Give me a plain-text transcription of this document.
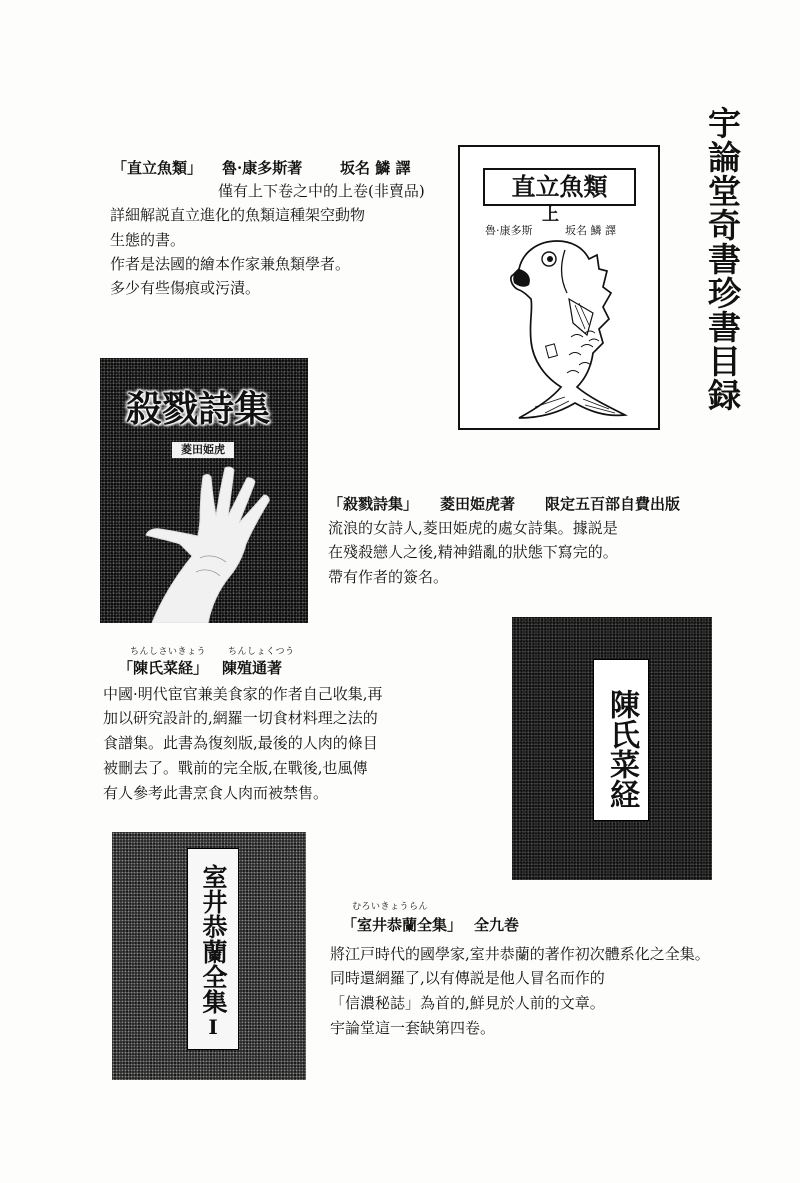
宇論堂奇書珍書目録
直立魚類
上
魯·康多斯	坂名 鱗 譯
「直立魚類」 魯·康多斯著	坂名 鱗 譯
僅有上下卷之中的上卷(非賣品)
詳細解説直立進化的魚類這種架空動物
生態的書。
作者是法國的繪本作家兼魚類學者。
多少有些傷痕或污漬。
殺戮詩集
菱田姫虎
「殺戮詩集」 菱田姫虎著 限定五百部自費出版
流浪的女詩人,菱田姫虎的處女詩集。據説是
在殘殺戀人之後,精神錯亂的狀態下寫完的。
帶有作者的簽名。
陳氏菜経
ちんしさいきょう ちんしょくつう
「陳氏菜経」 陳殖通著
中國·明代宦官兼美食家的作者自己收集,再
加以研究設計的,網羅一切食材料理之法的
食譜集。此書為復刻版,最後的人肉的條目
被刪去了。戰前的完全版,在戰後,也風傳
有人參考此書烹食人肉而被禁售。
室井恭蘭全集
I
むろいきょうらん
「室井恭蘭全集」 全九巻
將江戸時代的國學家,室井恭蘭的著作初次體系化之全集。
同時還網羅了,以有傳説是他人冒名而作的
「信濃秘誌」為首的,鮮見於人前的文章。
宇論堂這一套缺第四卷。
